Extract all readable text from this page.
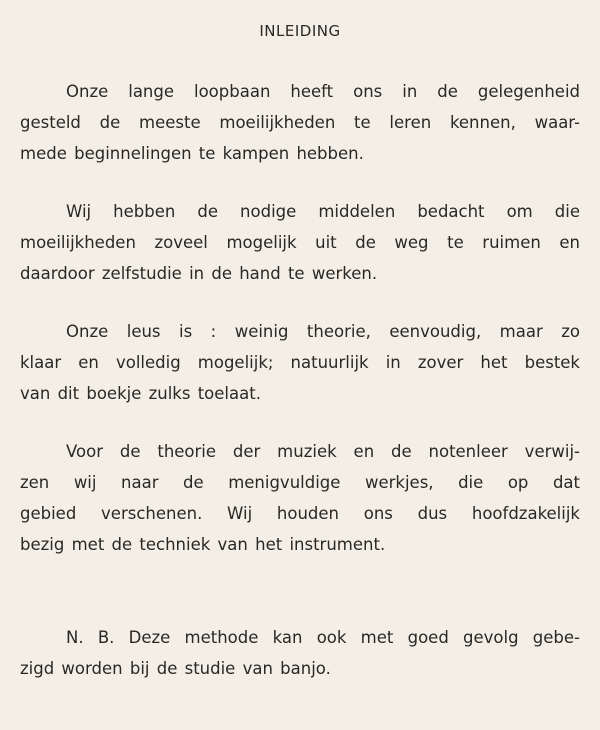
INLEIDING
Onze lange loopbaan heeft ons in de gelegenheid
gesteld de meeste moeilijkheden te leren kennen, waar-
mede beginnelingen te kampen hebben.
Wij hebben de nodige middelen bedacht om die
moeilijkheden zoveel mogelijk uit de weg te ruimen en
daardoor zelfstudie in de hand te werken.
Onze leus is : weinig theorie, eenvoudig, maar zo
klaar en volledig mogelijk; natuurlijk in zover het bestek
van dit boekje zulks toelaat.
Voor de theorie der muziek en de notenleer verwij-
zen wij naar de menigvuldige werkjes, die op dat
gebied verschenen. Wij houden ons dus hoofdzakelijk
bezig met de techniek van het instrument.
N. B. Deze methode kan ook met goed gevolg gebe-
zigd worden bij de studie van banjo.
